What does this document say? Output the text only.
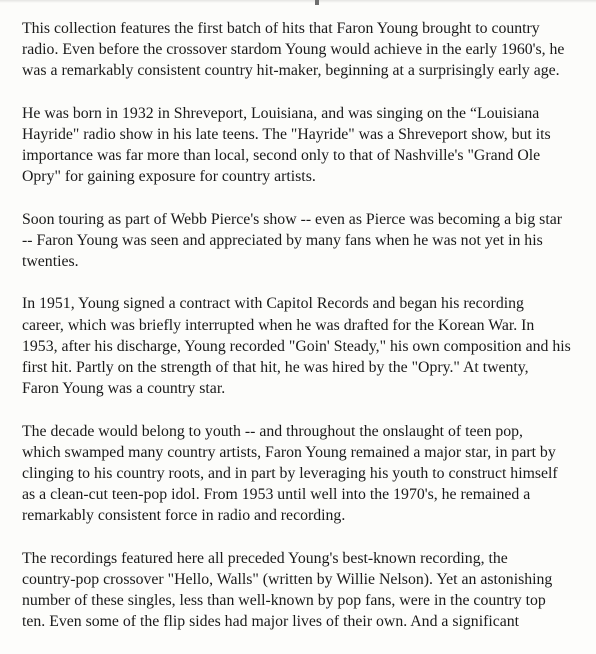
This collection features the first batch of hits that Faron Young brought to country
radio. Even before the crossover stardom Young would achieve in the early 1960's, he
was a remarkably consistent country hit-maker, beginning at a surprisingly early age.

He was born in 1932 in Shreveport, Louisiana, and was singing on the “Louisiana
Hayride" radio show in his late teens. The "Hayride" was a Shreveport show, but its
importance was far more than local, second only to that of Nashville's "Grand Ole
Opry" for gaining exposure for country artists.

Soon touring as part of Webb Pierce's show -- even as Pierce was becoming a big star
-- Faron Young was seen and appreciated by many fans when he was not yet in his
twenties.

In 1951, Young signed a contract with Capitol Records and began his recording
career, which was briefly interrupted when he was drafted for the Korean War. In
1953, after his discharge, Young recorded "Goin' Steady," his own composition and his
first hit. Partly on the strength of that hit, he was hired by the "Opry." At twenty,
Faron Young was a country star.

The decade would belong to youth -- and throughout the onslaught of teen pop,
which swamped many country artists, Faron Young remained a major star, in part by
clinging to his country roots, and in part by leveraging his youth to construct himself
as a clean-cut teen-pop idol. From 1953 until well into the 1970's, he remained a
remarkably consistent force in radio and recording.

The recordings featured here all preceded Young's best-known recording, the
country-pop crossover "Hello, Walls" (written by Willie Nelson). Yet an astonishing
number of these singles, less than well-known by pop fans, were in the country top
ten. Even some of the flip sides had major lives of their own. And a significant
